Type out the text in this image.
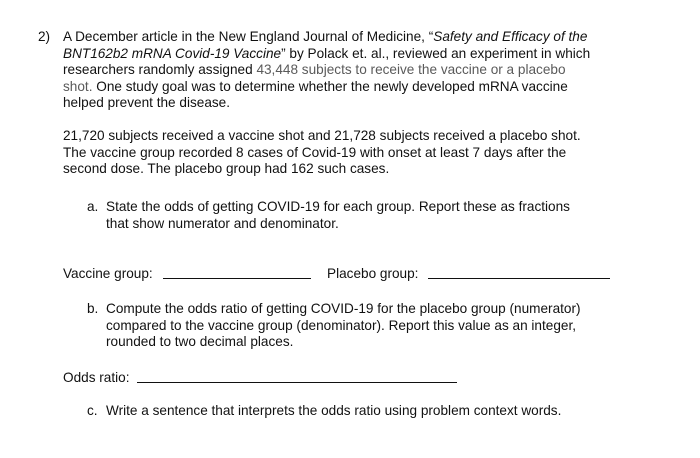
2) A December article in the New England Journal of Medicine, “Safety and Efficacy of the
BNT162b2 mRNA Covid-19 Vaccine” by Polack et. al., reviewed an experiment in which
researchers randomly assigned 43,448 subjects to receive the vaccine or a placebo
shot. One study goal was to determine whether the newly developed mRNA vaccine
helped prevent the disease.
21,720 subjects received a vaccine shot and 21,728 subjects received a placebo shot.
The vaccine group recorded 8 cases of Covid-19 with onset at least 7 days after the
second dose. The placebo group had 162 such cases.
a. State the odds of getting COVID-19 for each group. Report these as fractions
that show numerator and denominator.
Vaccine group:	Placebo group:
b. Compute the odds ratio of getting COVID-19 for the placebo group (numerator)
compared to the vaccine group (denominator). Report this value as an integer,
rounded to two decimal places.
Odds ratio:
c. Write a sentence that interprets the odds ratio using problem context words.
